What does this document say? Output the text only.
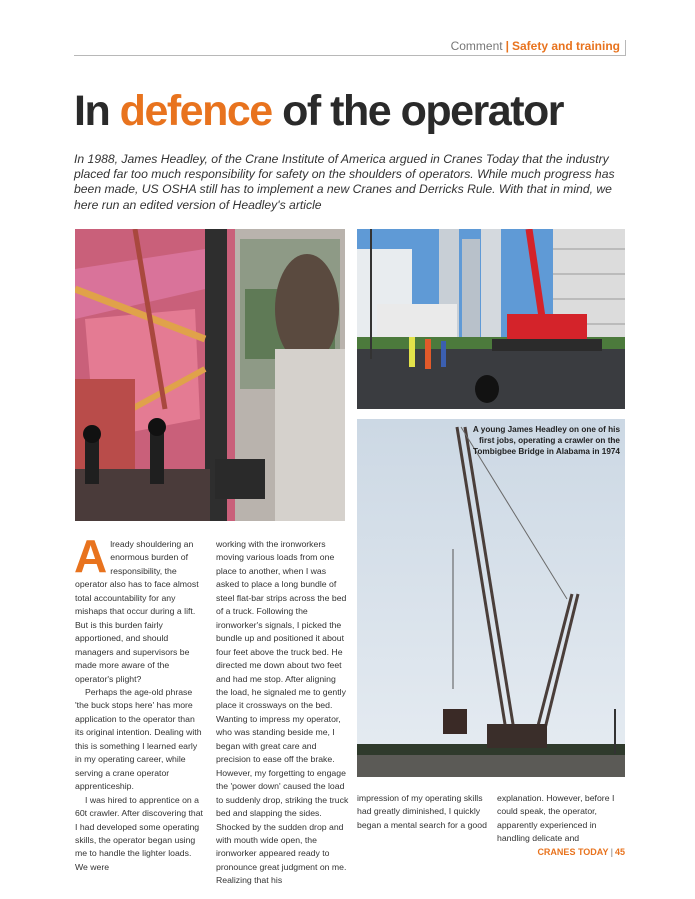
Comment | Safety and training
In defence of the operator

In 1988, James Headley, of the Crane Institute of America argued in Cranes Today that the industry placed far too much responsibility for safety on the shoulders of operators. While much progress has been made, US OSHA still has to implement a new Cranes and Derricks Rule. With that in mind, we here run an edited version of Headley's article

A young James Headley on one of his first jobs, operating a crawler on the Tombigbee Bridge in Alabama in 1974

Already shouldering an enormous burden of responsibility, the operator also has to face almost total accountability for any mishaps that occur during a lift. But is this burden fairly apportioned, and should managers and supervisors be made more aware of the operator's plight?

Perhaps the age-old phrase 'the buck stops here' has more application to the operator than its original intention. Dealing with this is something I learned early in my operating career, while serving a crane operator apprenticeship.

I was hired to apprentice on a 60t crawler. After discovering that I had developed some operating skills, the operator began using me to handle the lighter loads. We were

working with the ironworkers moving various loads from one place to another, when I was asked to place a long bundle of steel flat-bar strips across the bed of a truck. Following the ironworker's signals, I picked the bundle up and positioned it about four feet above the truck bed. He directed me down about two feet and had me stop. After aligning the load, he signaled me to gently place it crossways on the bed. Wanting to impress my operator, who was standing beside me, I began with great care and precision to ease off the brake. However, my forgetting to engage the 'power down' caused the load to suddenly drop, striking the truck bed and slapping the sides. Shocked by the sudden drop and with mouth wide open, the ironworker appeared ready to pronounce great judgment on me. Realizing that his

impression of my operating skills had greatly diminished, I quickly began a mental search for a good

explanation. However, before I could speak, the operator, apparently experienced in handling delicate and

CRANES TODAY | 45
